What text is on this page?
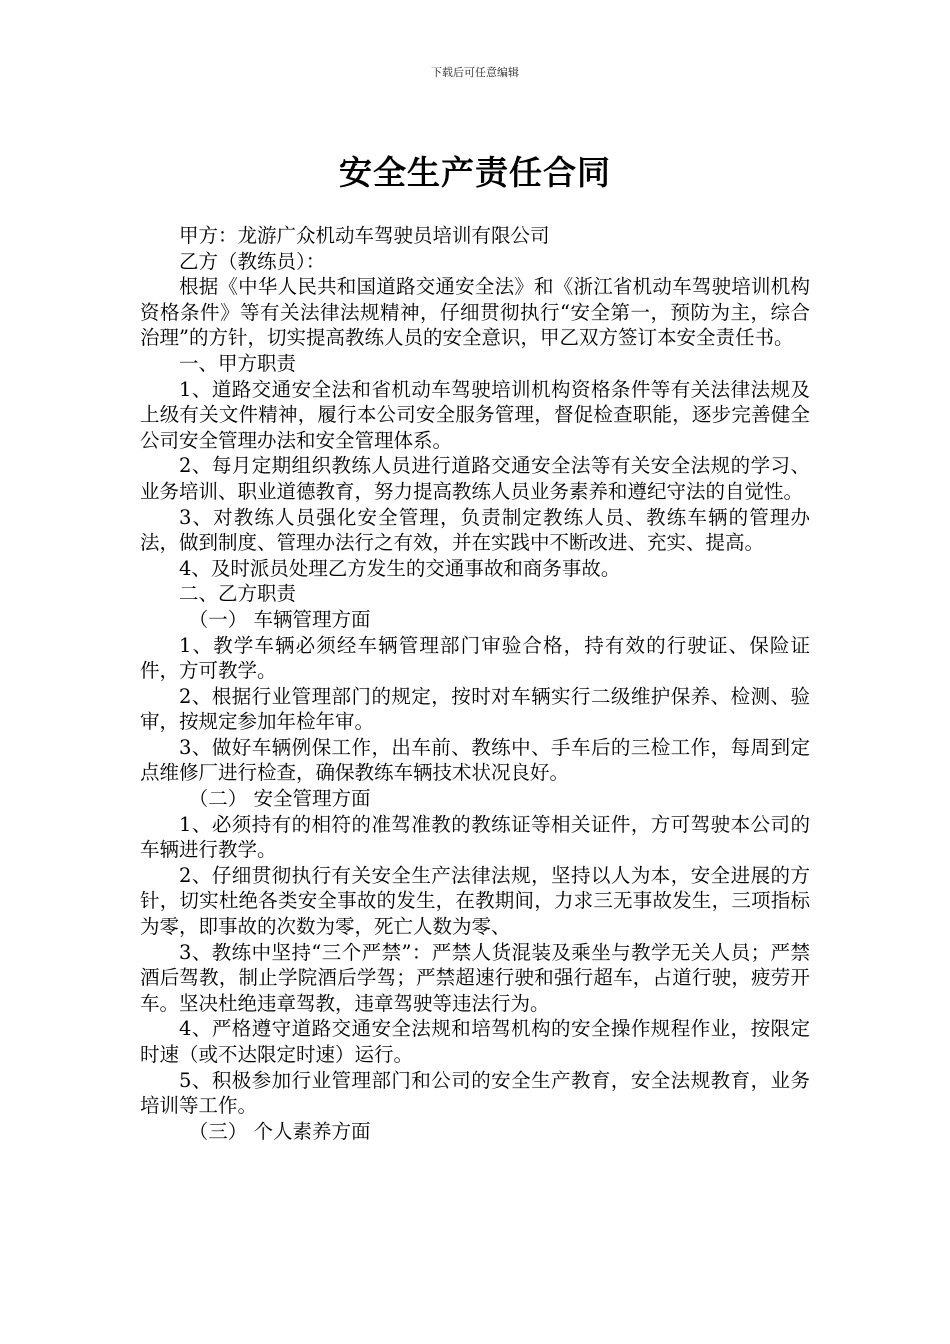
下载后可任意编辑
安全生产责任合同

甲方：龙游广众机动车驾驶员培训有限公司

乙方（教练员）：

根据《中华人民共和国道路交通安全法》和《浙江省机动车驾驶培训机构资格条件》等有关法律法规精神，仔细贯彻执行“安全第一，预防为主，综合治理”的方针，切实提高教练人员的安全意识，甲乙双方签订本安全责任书。

一、甲方职责

1、道路交通安全法和省机动车驾驶培训机构资格条件等有关法律法规及上级有关文件精神，履行本公司安全服务管理，督促检查职能，逐步完善健全公司安全管理办法和安全管理体系。

2、每月定期组织教练人员进行道路交通安全法等有关安全法规的学习、业务培训、职业道德教育，努力提高教练人员业务素养和遵纪守法的自觉性。

3、对教练人员强化安全管理，负责制定教练人员、教练车辆的管理办法，做到制度、管理办法行之有效，并在实践中不断改进、充实、提高。

4、及时派员处理乙方发生的交通事故和商务事故。

二、乙方职责

（一） 车辆管理方面

1、教学车辆必须经车辆管理部门审验合格，持有效的行驶证、保险证件，方可教学。

2、根据行业管理部门的规定，按时对车辆实行二级维护保养、检测、验审，按规定参加年检年审。

3、做好车辆例保工作，出车前、教练中、手车后的三检工作，每周到定点维修厂进行检查，确保教练车辆技术状况良好。

（二） 安全管理方面

1、必须持有的相符的准驾准教的教练证等相关证件，方可驾驶本公司的车辆进行教学。

2、仔细贯彻执行有关安全生产法律法规，坚持以人为本，安全进展的方针，切实杜绝各类安全事故的发生，在教期间，力求三无事故发生，三项指标为零，即事故的次数为零，死亡人数为零、

3、教练中坚持“三个严禁”：严禁人货混装及乘坐与教学无关人员；严禁酒后驾教，制止学院酒后学驾；严禁超速行驶和强行超车，占道行驶，疲劳开车。坚决杜绝违章驾教，违章驾驶等违法行为。

4、严格遵守道路交通安全法规和培驾机构的安全操作规程作业，按限定时速（或不达限定时速）运行。

5、积极参加行业管理部门和公司的安全生产教育，安全法规教育，业务培训等工作。

（三） 个人素养方面
